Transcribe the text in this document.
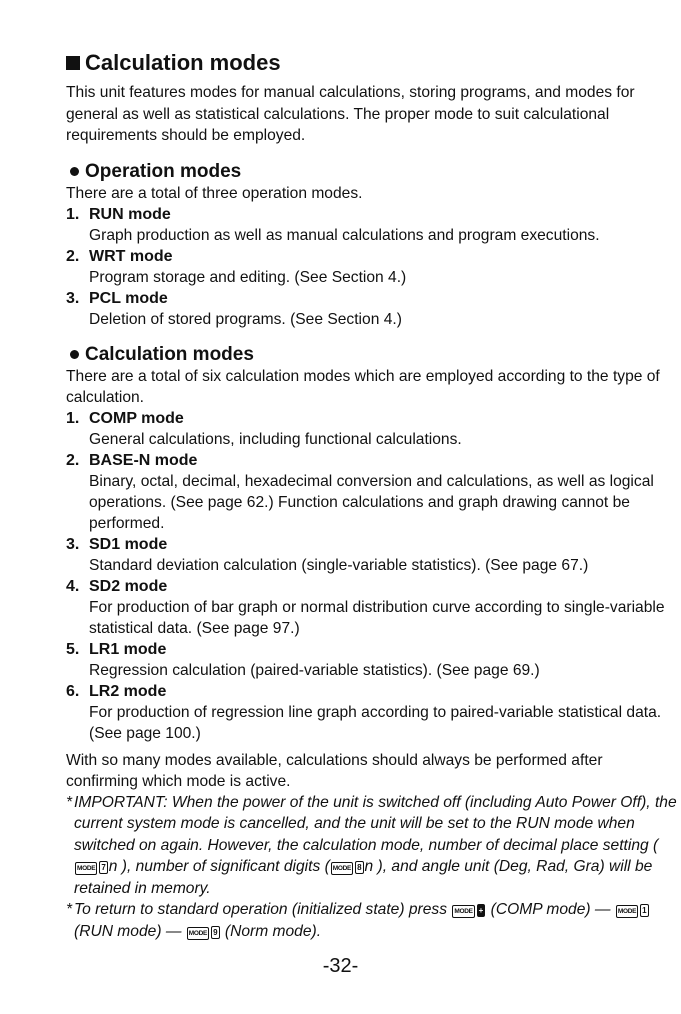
Calculation modes

This unit features modes for manual calculations, storing programs, and modes for general as well as statistical calculations. The proper mode to suit calculational requirements should be employed.

Operation modes
There are a total of three operation modes.
1. RUN mode
Graph production as well as manual calculations and program executions.
2. WRT mode
Program storage and editing. (See Section 4.)
3. PCL mode
Deletion of stored programs. (See Section 4.)
Calculation modes
There are a total of six calculation modes which are employed according to the type of calculation.
1. COMP mode
General calculations, including functional calculations.
2. BASE-N mode
Binary, octal, decimal, hexadecimal conversion and calculations, as well as logical operations. (See page 62.) Function calculations and graph drawing cannot be performed.
3. SD1 mode
Standard deviation calculation (single-variable statistics). (See page 67.)
4. SD2 mode
For production of bar graph or normal distribution curve according to single-variable statistical data. (See page 97.)
5. LR1 mode
Regression calculation (paired-variable statistics). (See page 69.)
6. LR2 mode
For production of regression line graph according to paired-variable statistical data. (See page 100.)
With so many modes available, calculations should always be performed after confirming which mode is active.
* IMPORTANT: When the power of the unit is switched off (including Auto Power Off), the current system mode is cancelled, and the unit will be set to the RUN mode when switched on again. However, the calculation mode, number of decimal place setting (MODE 7 n ), number of significant digits ( MODE 8 n ), and angle unit (Deg, Rad, Gra) will be retained in memory.
* To return to standard operation (initialized state) press MODE + (COMP mode) — MODE 1 (RUN mode) — MODE 9 (Norm mode).
-32-
